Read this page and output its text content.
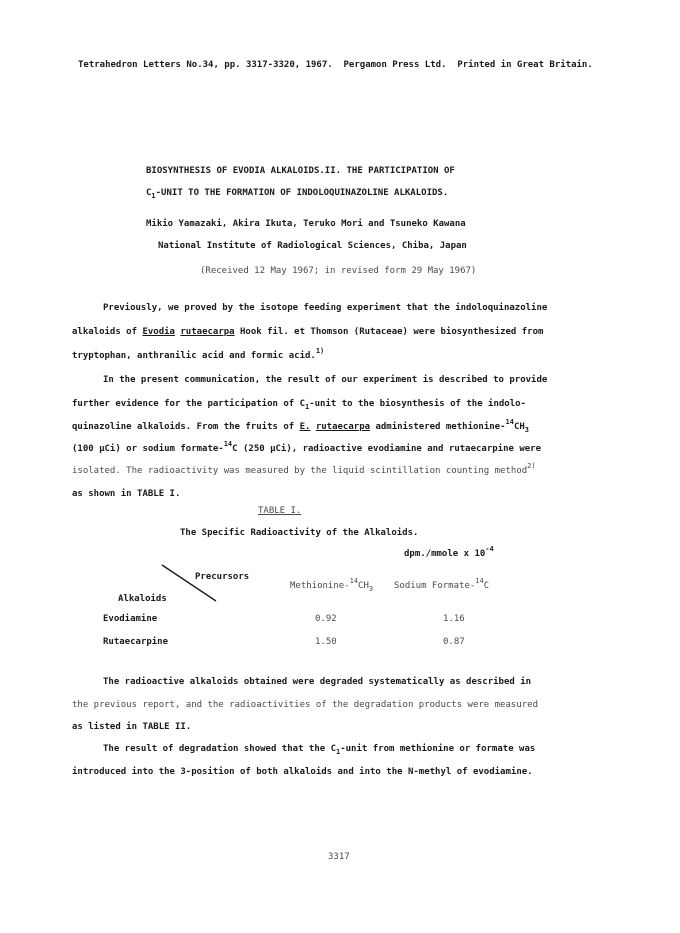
Tetrahedron Letters No.34, pp. 3317-3320, 1967. Pergamon Press Ltd. Printed in Great Britain.
BIOSYNTHESIS OF EVODIA ALKALOIDS.II. THE PARTICIPATION OF
$C_1$-UNIT TO THE FORMATION OF INDOLOQUINAZOLINE ALKALOIDS.
Mikio Yamazaki, Akira Ikuta, Teruko Mori and Tsuneko Kawana
National Institute of Radiological Sciences, Chiba, Japan
(Received 12 May 1967; in revised form 29 May 1967)
Previously, we proved by the isotope feeding experiment that the indoloquinazoline
alkaloids of Evodia rutaecarpa Hook fil. et Thomson (Rutaceae) were biosynthesized from
tryptophan, anthranilic acid and formic acid.$^{1)}$
In the present communication, the result of our experiment is described to provide
further evidence for the participation of $C_1$-unit to the biosynthesis of the indolo-
quinazoline alkaloids. From the fruits of E. rutaecarpa administered methionine-$^{14}CH_3$
(100 µCi) or sodium formate-$^{14}$C (250 µCi), radioactive evodiamine and rutaecarpine were
isolated. The radioactivity was measured by the liquid scintillation counting method$^{2)}$
as shown in TABLE I.
TABLE I.
The Specific Radioactivity of the Alkaloids.
dpm./mmole x $10^{-4}$
Precursors
Alkaloids
Methionine-$^{14}CH_3$ Sodium Formate-$^{14}$C
Evodiamine	0.92	1.16
Rutaecarpine	1.50	0.87
The radioactive alkaloids obtained were degraded systematically as described in
the previous report, and the radioactivities of the degradation products were measured
as listed in TABLE II.
The result of degradation showed that the $C_1$-unit from methionine or formate was
introduced into the 3-position of both alkaloids and into the N-methyl of evodiamine.
3317
